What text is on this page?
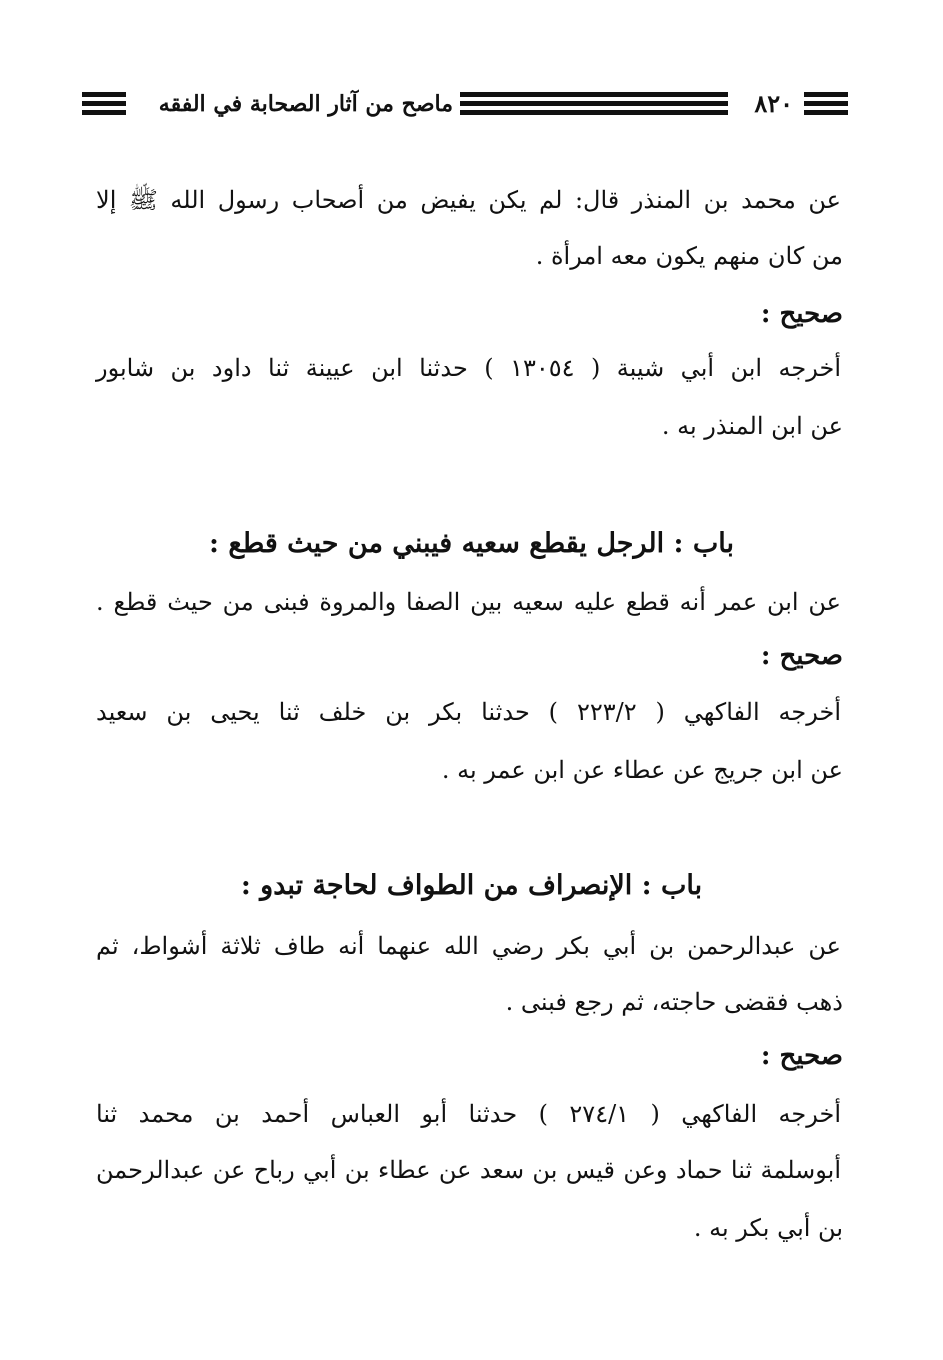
٨٢٠
ماصح من آثار الصحابة في الفقه
عن محمد بن المنذر قال: لم يكن يفيض من أصحاب رسول الله ﷺ إلا
من كان منهم يكون معه امرأة .
صحيح :
أخرجه ابن أبي شيبة ( ١٣٠٥٤ ) حدثنا ابن عيينة ثنا داود بن شابور
عن ابن المنذر به .
باب : الرجل يقطع سعيه فيبني من حيث قطع :
عن ابن عمر أنه قطع عليه سعيه بين الصفا والمروة فبنى من حيث قطع .
صحيح :
أخرجه الفاكهي ( ٢٢٣/٢ ) حدثنا بكر بن خلف ثنا يحيى بن سعيد
عن ابن جريج عن عطاء عن ابن عمر به .
باب : الإنصراف من الطواف لحاجة تبدو :
عن عبدالرحمن بن أبي بكر رضي الله عنهما أنه طاف ثلاثة أشواط، ثم
ذهب فقضى حاجته، ثم رجع فبنى .
صحيح :
أخرجه الفاكهي ( ٢٧٤/١ ) حدثنا أبو العباس أحمد بن محمد ثنا
أبوسلمة ثنا حماد وعن قيس بن سعد عن عطاء بن أبي رباح عن عبدالرحمن
بن أبي بكر به .
